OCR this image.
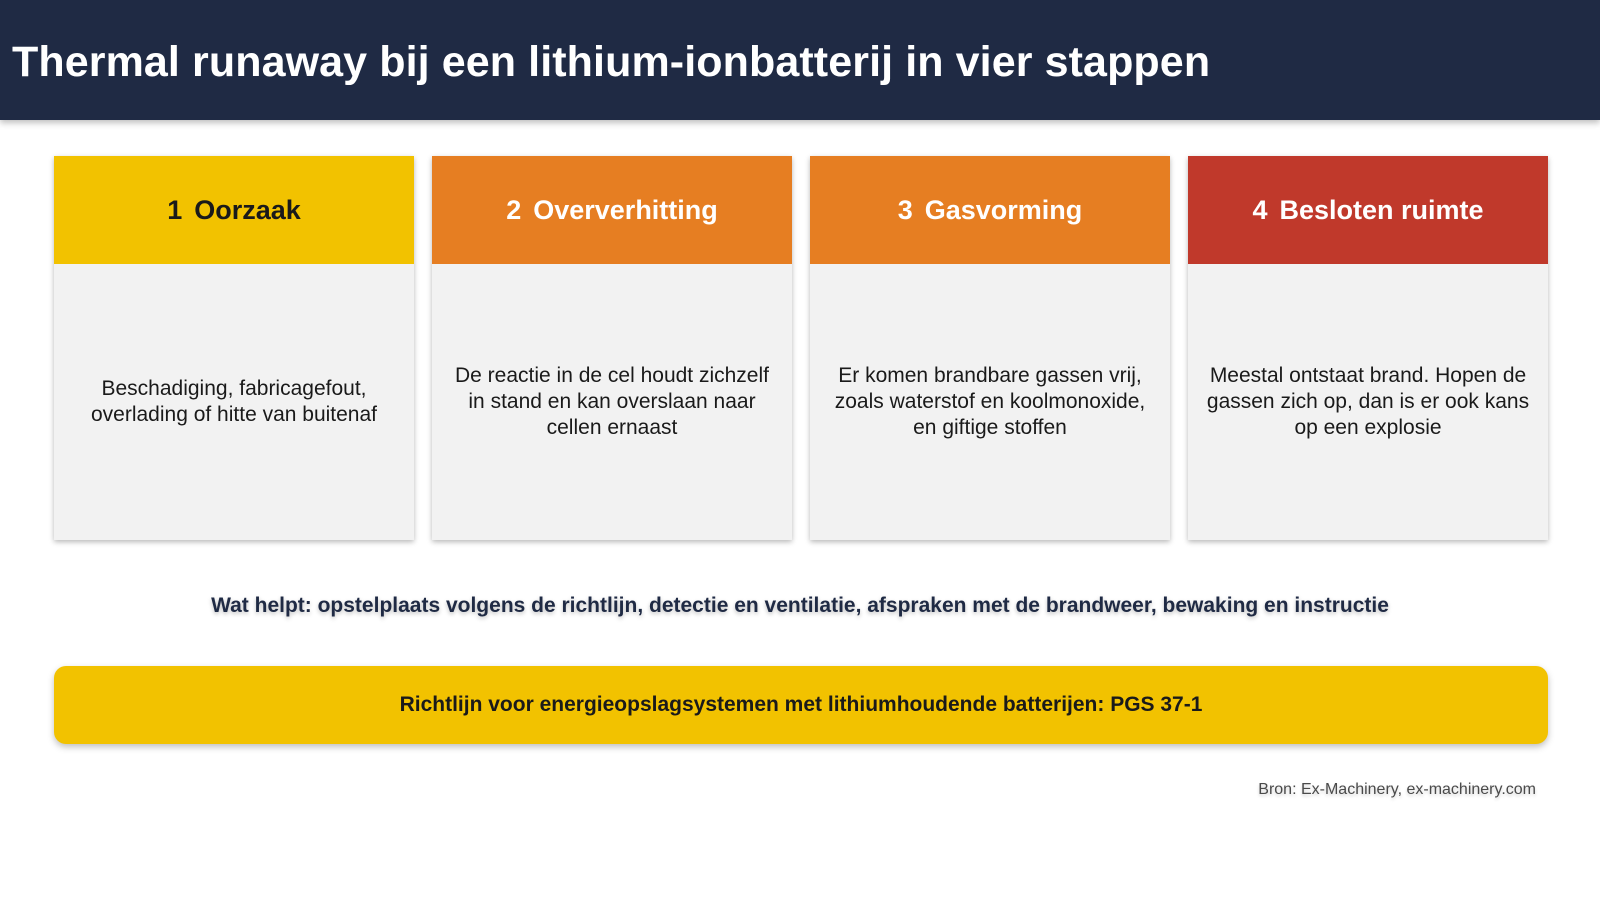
Thermal runaway bij een lithium-ionbatterij in vier stappen
1 Oorzaak
Beschadiging, fabricagefout, overlading of hitte van buitenaf
2 Oververhitting
De reactie in de cel houdt zichzelf in stand en kan overslaan naar cellen ernaast
3 Gasvorming
Er komen brandbare gassen vrij, zoals waterstof en koolmonoxide, en giftige stoffen
4 Besloten ruimte
Meestal ontstaat brand. Hopen de gassen zich op, dan is er ook kans op een explosie
Wat helpt: opstelplaats volgens de richtlijn, detectie en ventilatie, afspraken met de brandweer, bewaking en instructie
Richtlijn voor energieopslagsystemen met lithiumhoudende batterijen: PGS 37-1
Bron: Ex-Machinery, ex-machinery.com
